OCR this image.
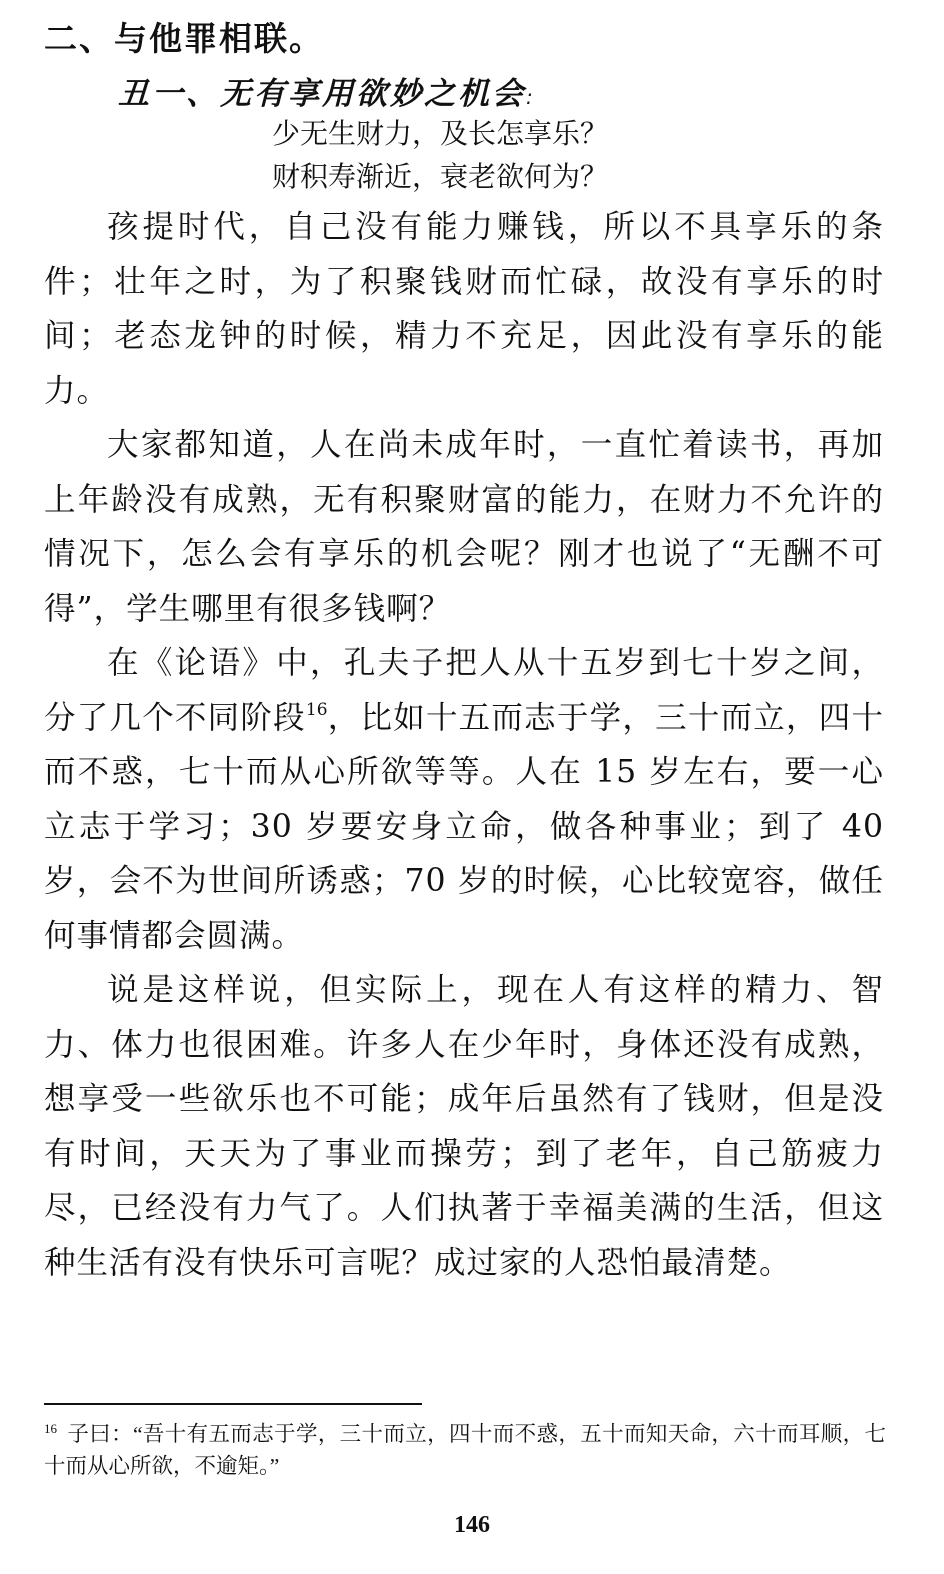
二、与他罪相联。
丑一、无有享用欲妙之机会:
少无生财力，及长怎享乐？
财积寿渐近，衰老欲何为？

孩提时代，自己没有能力赚钱，所以不具享乐的条件；壮年之时，为了积聚钱财而忙碌，故没有享乐的时间；老态龙钟的时候，精力不充足，因此没有享乐的能力。

大家都知道，人在尚未成年时，一直忙着读书，再加上年龄没有成熟，无有积聚财富的能力，在财力不允许的情况下，怎么会有享乐的机会呢？刚才也说了“无酬不可得”，学生哪里有很多钱啊？

在《论语》中，孔夫子把人从十五岁到七十岁之间，分了几个不同阶段$^{16}$，比如十五而志于学，三十而立，四十而不惑，七十而从心所欲等等。人在 15 岁左右，要一心立志于学习；30 岁要安身立命，做各种事业；到了 40 岁，会不为世间所诱惑；70 岁的时候，心比较宽容，做任何事情都会圆满。

说是这样说，但实际上，现在人有这样的精力、智力、体力也很困难。许多人在少年时，身体还没有成熟，想享受一些欲乐也不可能；成年后虽然有了钱财，但是没有时间，天天为了事业而操劳；到了老年，自己筋疲力尽，已经没有力气了。人们执著于幸福美满的生活，但这种生活有没有快乐可言呢？成过家的人恐怕最清楚。

$^{16}$ 子曰：“吾十有五而志于学，三十而立，四十而不惑，五十而知天命，六十而耳顺，七十而从心所欲，不逾矩。”
146
